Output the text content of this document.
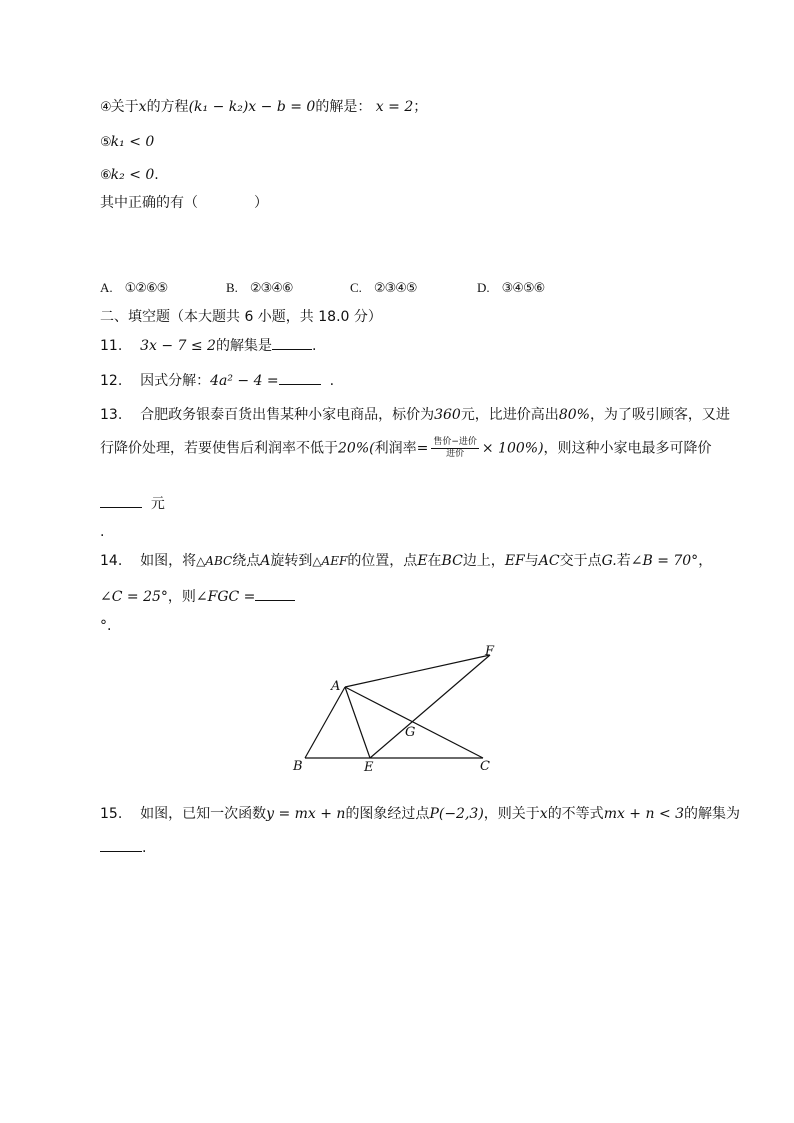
④关于x的方程(k₁ − k₂)x − b = 0的解是： x = 2；
⑤k₁ < 0
⑥k₂ < 0.
其中正确的有（　　　　）
A. ①②⑥⑤	B. ②③④⑥	C. ②③④⑤	D. ③④⑤⑥
二、填空题（本大题共 6 小题，共 18.0 分）
11. 3x − 7 ≤ 2的解集是	.
12. 因式分解：4a² − 4 =	.
13. 合肥政务银泰百货出售某种小家电商品，标价为360元，比进价高出80%，为了吸引顾客，又进
行降价处理，若要使售后利润率不低于20%(利润率= $\frac{\text{售价−进价}}{\text{进价}} \times 100\%$)，则这种小家电最多可降价
元
.
14. 如图，将△ABC绕点A旋转到△AEF的位置，点E在BC边上，EF与AC交于点G.若∠B = 70°，
∠C = 25°，则∠FGC =
°.
A
B	C
E
F
G
15. 如图，已知一次函数y = mx + n的图象经过点P(−2,3)，则关于x的不等式mx + n < 3的解集为
.
